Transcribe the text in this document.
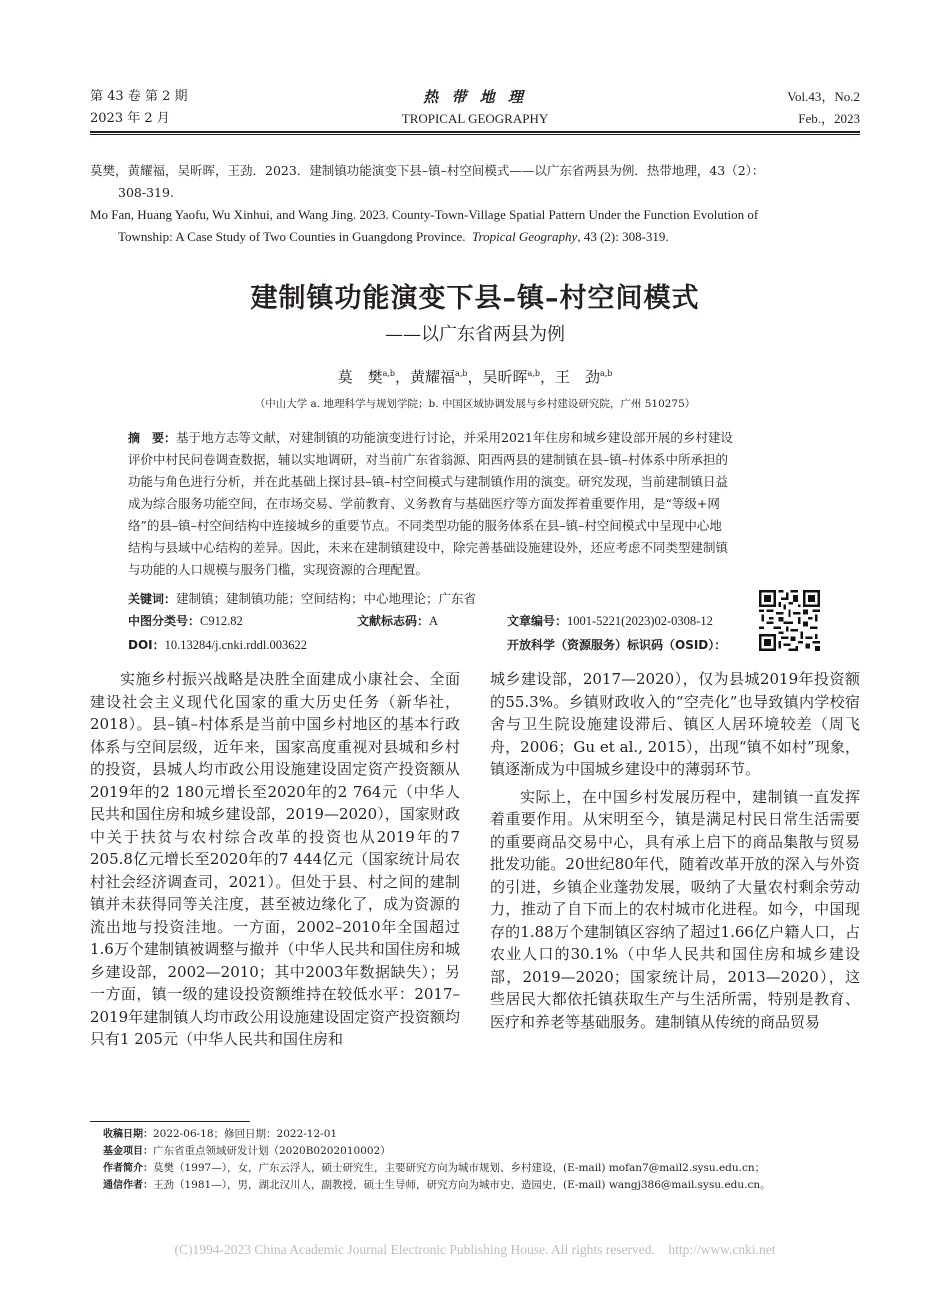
第 43 卷 第 2 期
2023 年 2 月
热 带 地 理
TROPICAL GEOGRAPHY
Vol.43，No.2
Feb.，2023
莫樊，黄耀福，吴昕晖，王劲．2023．建制镇功能演变下县–镇–村空间模式——以广东省两县为例．热带地理，43（2）：
308-319.
Mo Fan, Huang Yaofu, Wu Xinhui, and Wang Jing. 2023. County-Town-Village Spatial Pattern Under the Function Evolution of
Township: A Case Study of Two Counties in Guangdong Province. Tropical Geography, 43 (2): 308-319.
建制镇功能演变下县–镇–村空间模式
——以广东省两县为例
莫　樊$^{a,b}$，黄耀福$^{a,b}$，吴昕晖$^{a,b}$，王　劲$^{a,b}$
（中山大学 a. 地理科学与规划学院；b. 中国区域协调发展与乡村建设研究院，广州 510275）
摘　要：基于地方志等文献，对建制镇的功能演变进行讨论，并采用2021年住房和城乡建设部开展的乡村建设
评价中村民问卷调查数据，辅以实地调研，对当前广东省翁源、阳西两县的建制镇在县–镇–村体系中所承担的
功能与角色进行分析，并在此基础上探讨县–镇–村空间模式与建制镇作用的演变。研究发现，当前建制镇日益
成为综合服务功能空间，在市场交易、学前教育、义务教育与基础医疗等方面发挥着重要作用，是“等级+网
络”的县–镇–村空间结构中连接城乡的重要节点。不同类型功能的服务体系在县–镇–村空间模式中呈现中心地
结构与县域中心结构的差异。因此，未来在建制镇建设中，除完善基础设施建设外，还应考虑不同类型建制镇
与功能的人口规模与服务门槛，实现资源的合理配置。
关键词：建制镇；建制镇功能；空间结构；中心地理论；广东省
中图分类号：C912.82	文献标志码：A	文章编号：1001-5221(2023)02-0308-12
DOI：10.13284/j.cnki.rddl.003622	开放科学（资源服务）标识码（OSID）：

实施乡村振兴战略是决胜全面建成小康社会、全面建设社会主义现代化国家的重大历史任务（新华社，2018）。县–镇–村体系是当前中国乡村地区的基本行政体系与空间层级，近年来，国家高度重视对县城和乡村的投资，县城人均市政公用设施建设固定资产投资额从2019年的2 180元增长至2020年的2 764元（中华人民共和国住房和城乡建设部，2019—2020），国家财政中关于扶贫与农村综合改革的投资也从2019年的7 205.8亿元增长至2020年的7 444亿元（国家统计局农村社会经济调查司，2021）。但处于县、村之间的建制镇并未获得同等关注度，甚至被边缘化了，成为资源的流出地与投资洼地。一方面，2002–2010年全国超过1.6万个建制镇被调整与撤并（中华人民共和国住房和城乡建设部，2002—2010；其中2003年数据缺失）；另一方面，镇一级的建设投资额维持在较低水平：2017–2019年建制镇人均市政公用设施建设固定资产投资额均只有1 205元（中华人民共和国住房和

城乡建设部，2017—2020），仅为县城2019年投资额的55.3%。乡镇财政收入的“空壳化”也导致镇内学校宿舍与卫生院设施建设滞后、镇区人居环境较差（周飞舟，2006；Gu et al., 2015），出现“镇不如村”现象，镇逐渐成为中国城乡建设中的薄弱环节。

实际上，在中国乡村发展历程中，建制镇一直发挥着重要作用。从宋明至今，镇是满足村民日常生活需要的重要商品交易中心，具有承上启下的商品集散与贸易批发功能。20世纪80年代，随着改革开放的深入与外资的引进，乡镇企业蓬勃发展，吸纳了大量农村剩余劳动力，推动了自下而上的农村城市化进程。如今，中国现存的1.88万个建制镇区容纳了超过1.66亿户籍人口，占农业人口的30.1%（中华人民共和国住房和城乡建设部，2019—2020；国家统计局，2013—2020），这些居民大都依托镇获取生产与生活所需，特别是教育、医疗和养老等基础服务。建制镇从传统的商品贸易

收稿日期：2022-06-18；修回日期：2022-12-01
基金项目：广东省重点领域研发计划（2020B0202010002）
作者简介：莫樊（1997—），女，广东云浮人，硕士研究生，主要研究方向为城市规划、乡村建设，(E-mail) mofan7@mail2.sysu.edu.cn；
通信作者：王劲（1981—），男，湖北汉川人，副教授，硕士生导师，研究方向为城市史、造园史，(E-mail) wangj386@mail.sysu.edu.cn。
(C)1994-2023 China Academic Journal Electronic Publishing House. All rights reserved.    http://www.cnki.net
